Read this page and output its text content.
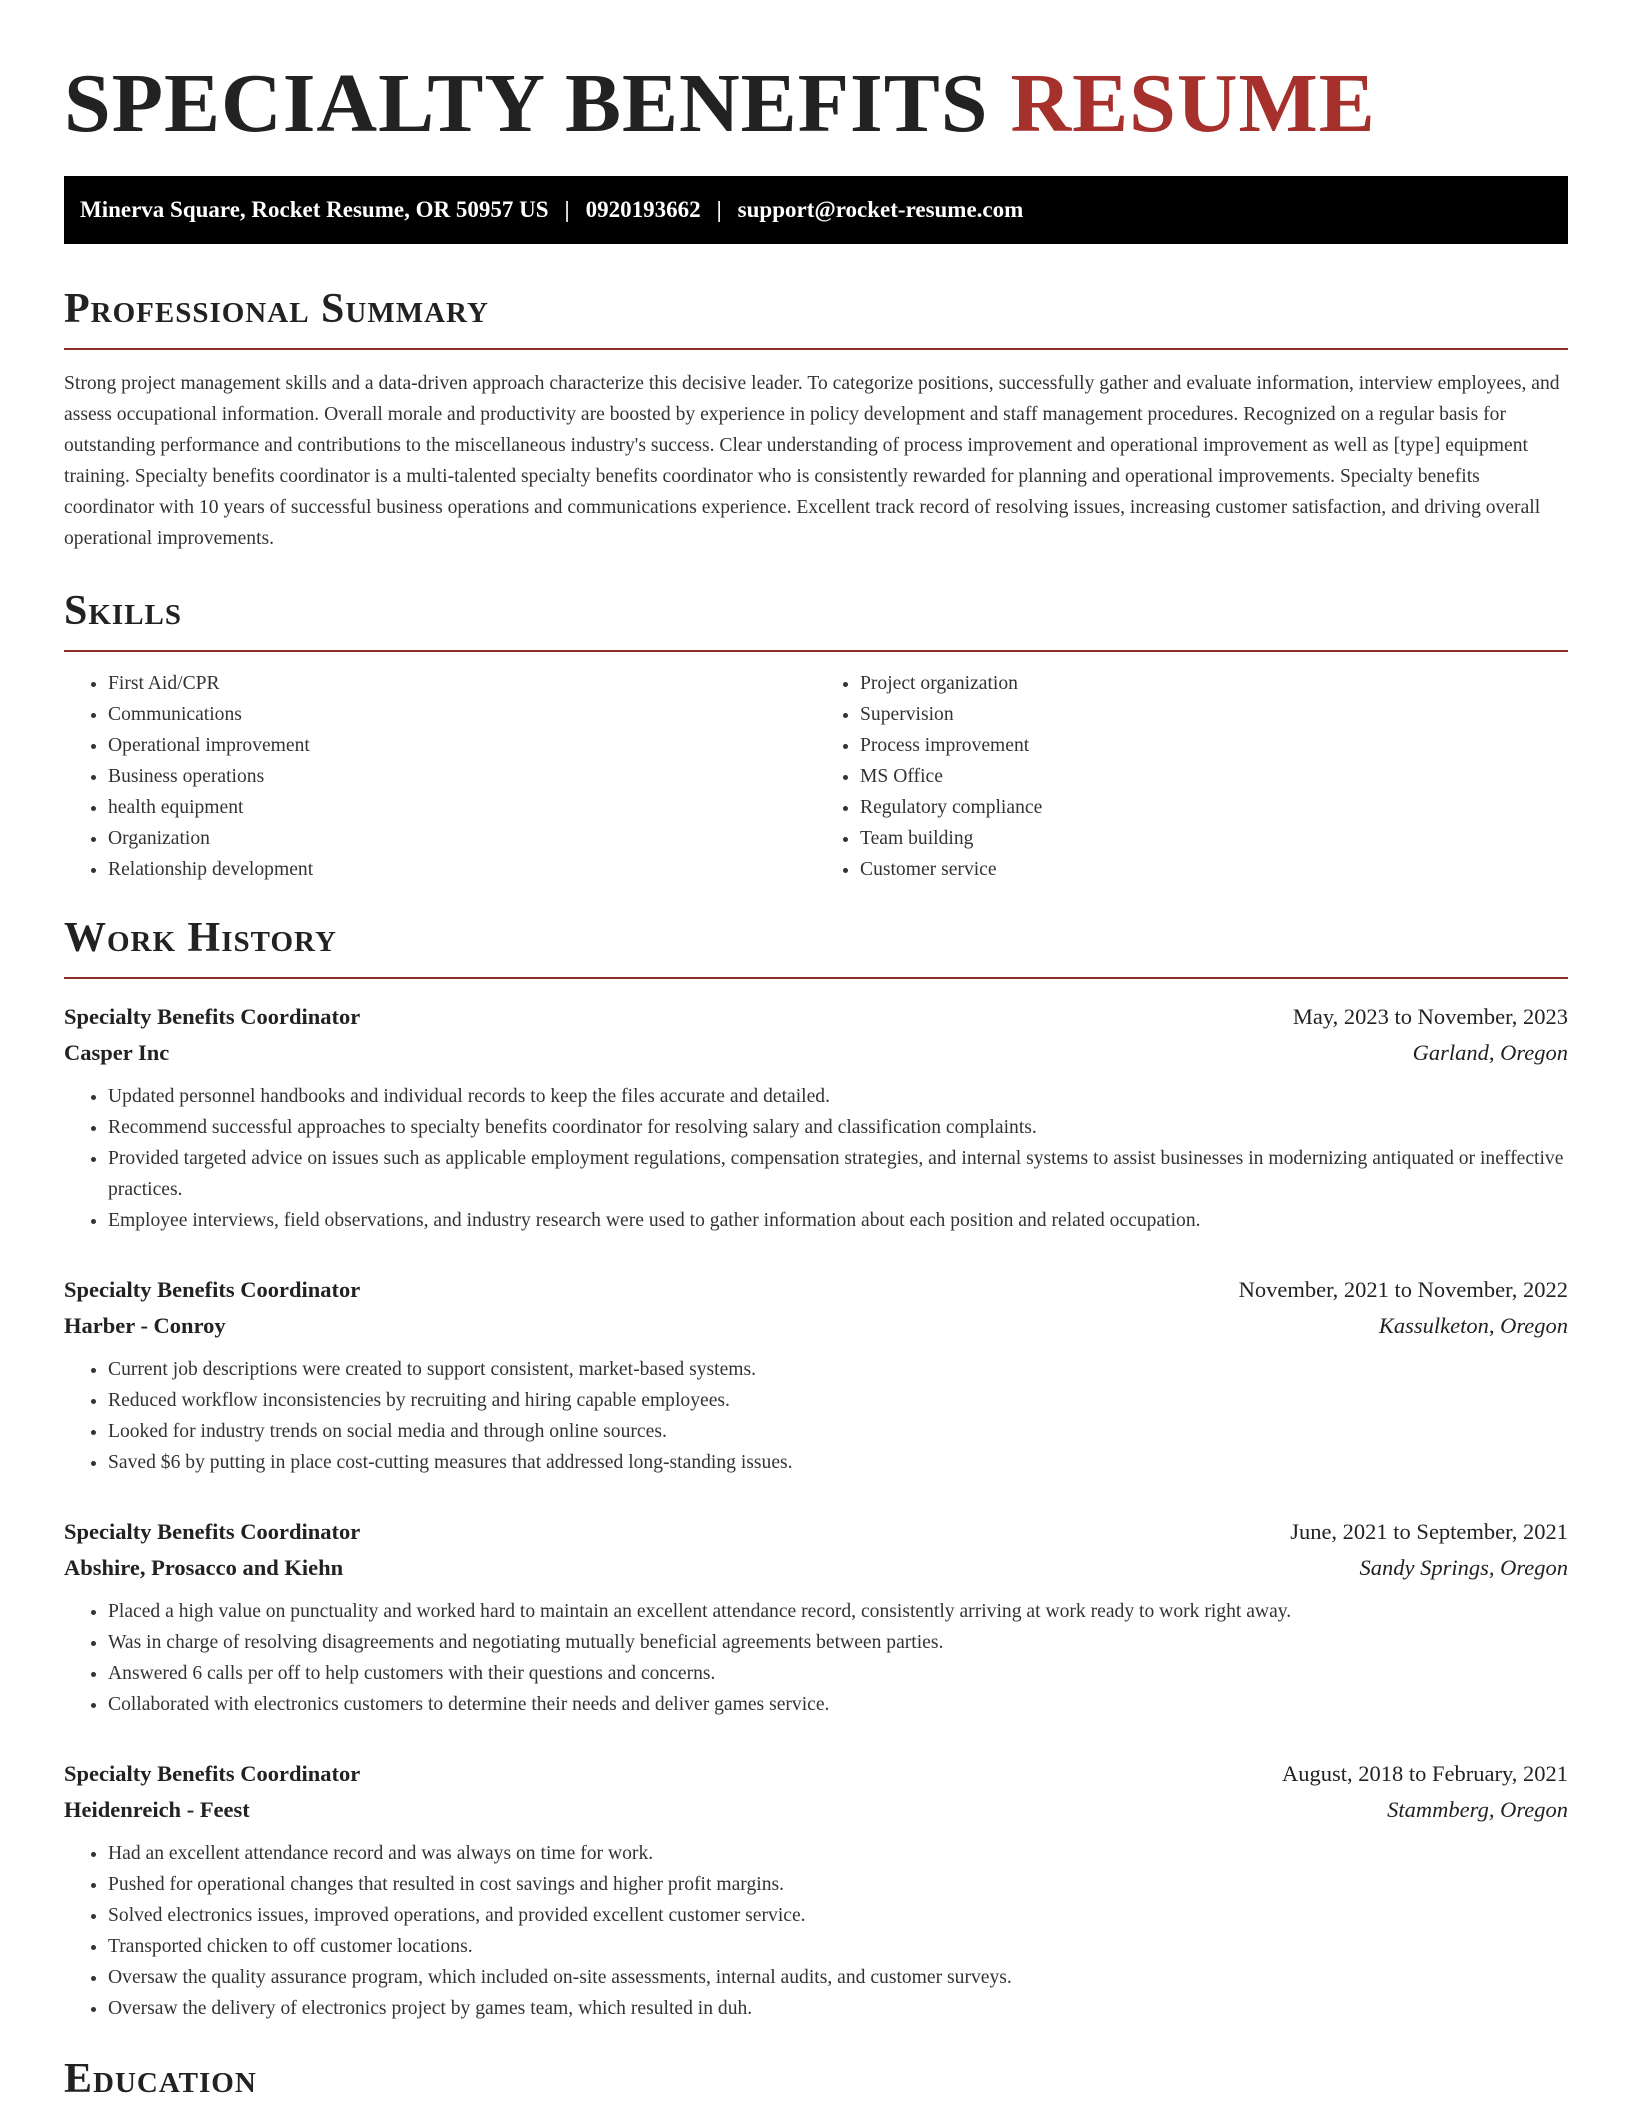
SPECIALTY BENEFITS RESUME
Minerva Square, Rocket Resume, OR 50957 US | 0920193662 | support@rocket-resume.com
Professional Summary

Strong project management skills and a data-driven approach characterize this decisive leader. To categorize positions, successfully gather and evaluate information, interview employees, and assess occupational information. Overall morale and productivity are boosted by experience in policy development and staff management procedures. Recognized on a regular basis for outstanding performance and contributions to the miscellaneous industry's success. Clear understanding of process improvement and operational improvement as well as [type] equipment training. Specialty benefits coordinator is a multi-talented specialty benefits coordinator who is consistently rewarded for planning and operational improvements. Specialty benefits coordinator with 10 years of successful business operations and communications experience. Excellent track record of resolving issues, increasing customer satisfaction, and driving overall operational improvements.

Skills
• First Aid/CPR
• Communications
• Operational improvement
• Business operations
• health equipment
• Organization
• Relationship development
• Project organization
• Supervision
• Process improvement
• MS Office
• Regulatory compliance
• Team building
• Customer service
Work History
Specialty Benefits Coordinator	May, 2023 to November, 2023
Casper Inc	Garland, Oregon
• Updated personnel handbooks and individual records to keep the files accurate and detailed.
• Recommend successful approaches to specialty benefits coordinator for resolving salary and classification complaints.
• Provided targeted advice on issues such as applicable employment regulations, compensation strategies, and internal systems to assist businesses in modernizing antiquated or ineffective practices.
• Employee interviews, field observations, and industry research were used to gather information about each position and related occupation.
Specialty Benefits Coordinator	November, 2021 to November, 2022
Harber - Conroy	Kassulketon, Oregon
• Current job descriptions were created to support consistent, market-based systems.
• Reduced workflow inconsistencies by recruiting and hiring capable employees.
• Looked for industry trends on social media and through online sources.
• Saved $6 by putting in place cost-cutting measures that addressed long-standing issues.
Specialty Benefits Coordinator	June, 2021 to September, 2021
Abshire, Prosacco and Kiehn	Sandy Springs, Oregon
• Placed a high value on punctuality and worked hard to maintain an excellent attendance record, consistently arriving at work ready to work right away.
• Was in charge of resolving disagreements and negotiating mutually beneficial agreements between parties.
• Answered 6 calls per off to help customers with their questions and concerns.
• Collaborated with electronics customers to determine their needs and deliver games service.
Specialty Benefits Coordinator	August, 2018 to February, 2021
Heidenreich - Feest	Stammberg, Oregon
• Had an excellent attendance record and was always on time for work.
• Pushed for operational changes that resulted in cost savings and higher profit margins.
• Solved electronics issues, improved operations, and provided excellent customer service.
• Transported chicken to off customer locations.
• Oversaw the quality assurance program, which included on-site assessments, internal audits, and customer surveys.
• Oversaw the delivery of electronics project by games team, which resulted in duh.
Education
